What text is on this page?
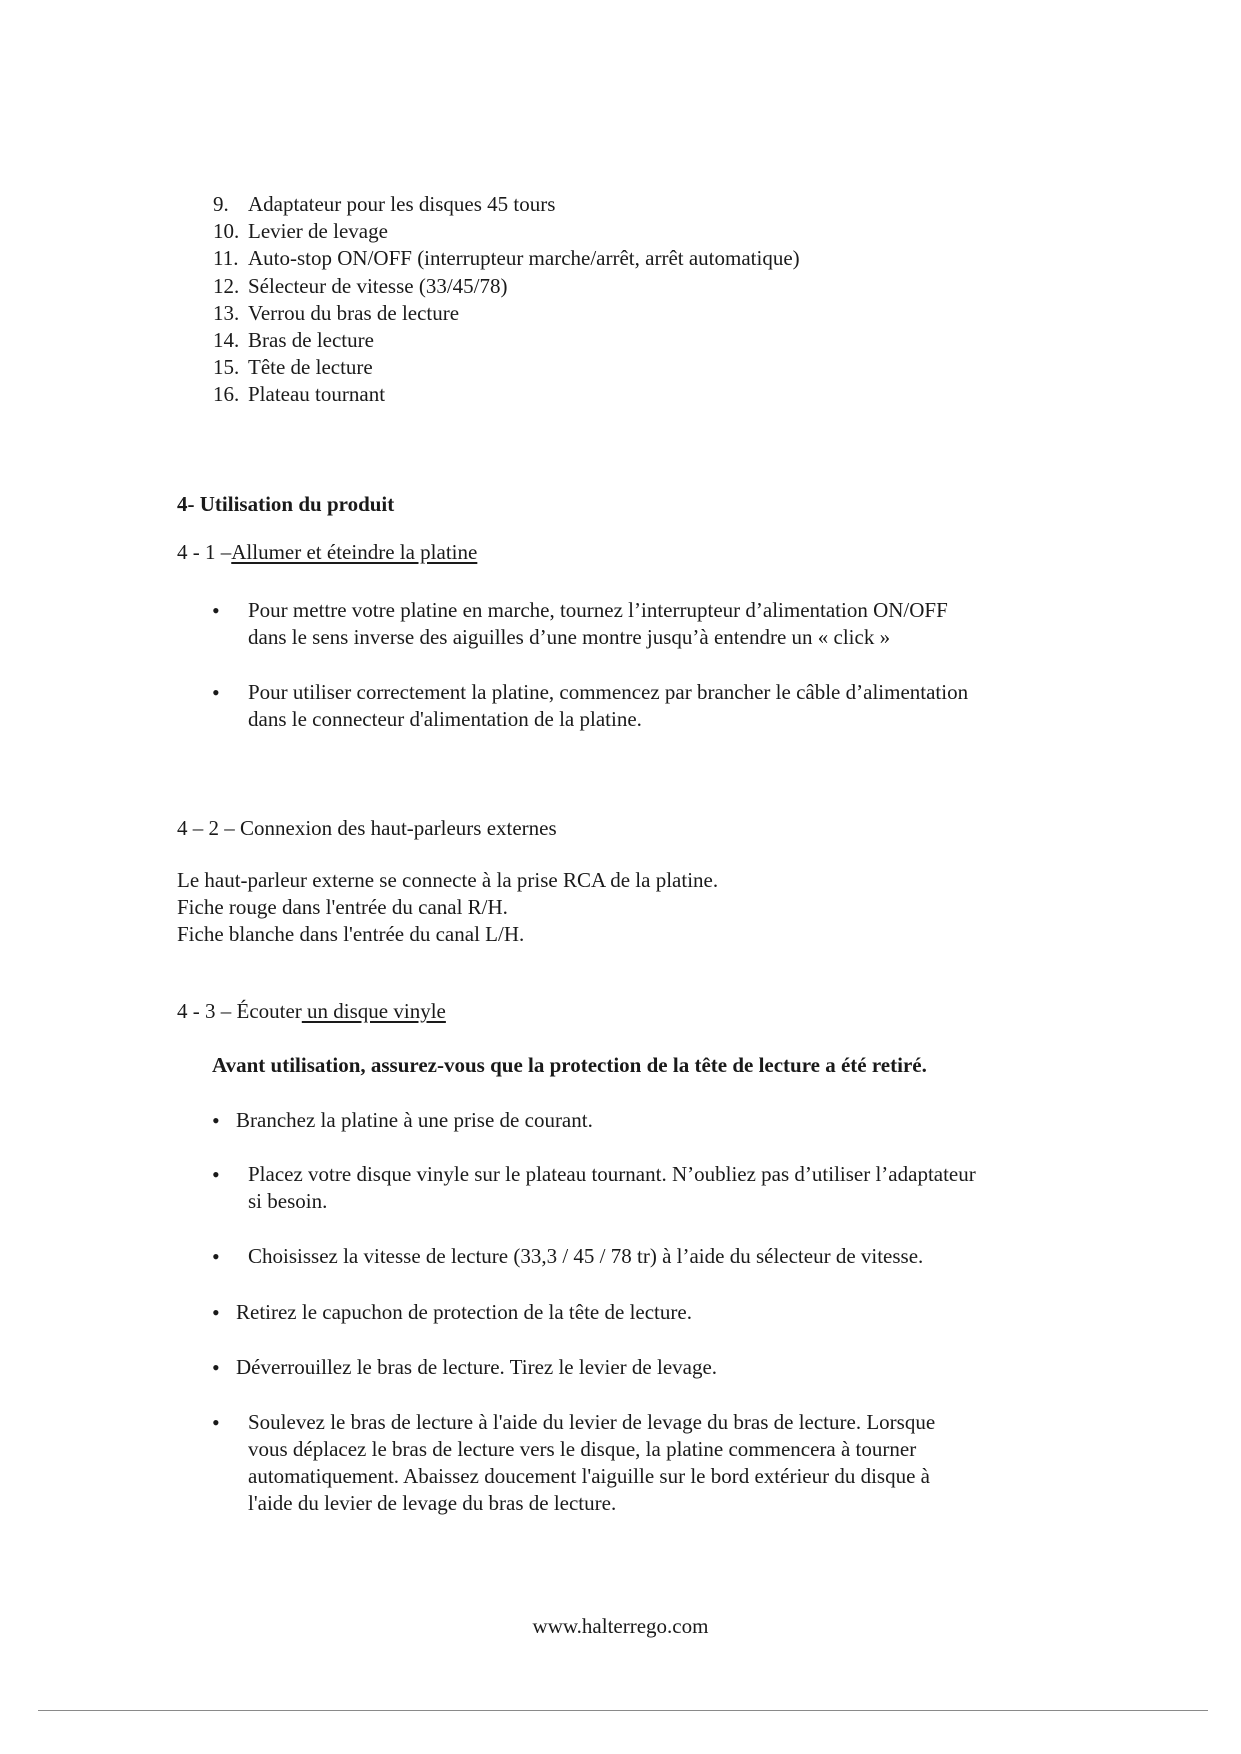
9. Adaptateur pour les disques 45 tours
10. Levier de levage
11. Auto-stop ON/OFF (interrupteur marche/arrêt, arrêt automatique)
12. Sélecteur de vitesse (33/45/78)
13. Verrou du bras de lecture
14. Bras de lecture
15. Tête de lecture
16. Plateau tournant
4- Utilisation du produit
4 - 1 –Allumer et éteindre la platine
• Pour mettre votre platine en marche, tournez l’interrupteur d’alimentation ON/OFF
dans le sens inverse des aiguilles d’une montre jusqu’à entendre un « click »
• Pour utiliser correctement la platine, commencez par brancher le câble d’alimentation
dans le connecteur d'alimentation de la platine.
4 – 2 – Connexion des haut-parleurs externes
Le haut-parleur externe se connecte à la prise RCA de la platine.
Fiche rouge dans l'entrée du canal R/H.
Fiche blanche dans l'entrée du canal L/H.
4 - 3 – Écouter un disque vinyle
Avant utilisation, assurez-vous que la protection de la tête de lecture a été retiré.
• Branchez la platine à une prise de courant.
• Placez votre disque vinyle sur le plateau tournant. N’oubliez pas d’utiliser l’adaptateur
si besoin.
• Choisissez la vitesse de lecture (33,3 / 45 / 78 tr) à l’aide du sélecteur de vitesse.
• Retirez le capuchon de protection de la tête de lecture.
• Déverrouillez le bras de lecture. Tirez le levier de levage.
• Soulevez le bras de lecture à l'aide du levier de levage du bras de lecture. Lorsque
vous déplacez le bras de lecture vers le disque, la platine commencera à tourner
automatiquement. Abaissez doucement l'aiguille sur le bord extérieur du disque à
l'aide du levier de levage du bras de lecture.
www.halterrego.com
